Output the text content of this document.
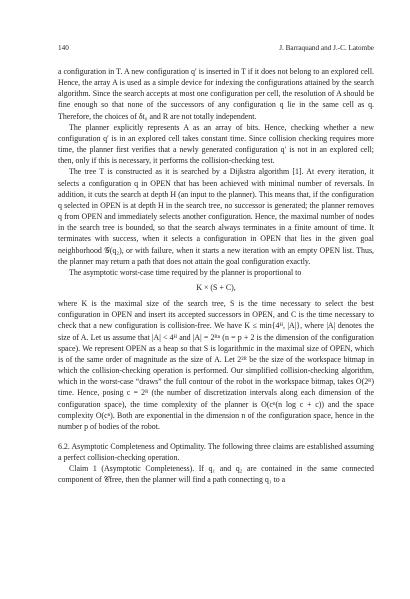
140	J. Barraquand and J.-C. Latombe

a configuration in T. A new configuration q′ is inserted in T if it does not belong to an explored cell. Hence, the array A is used as a simple device for indexing the configurations attained by the search algorithm. Since the search accepts at most one configuration per cell, the resolution of A should be fine enough so that none of the successors of any configuration q lie in the same cell as q. Therefore, the choices of δt₀ and R are not totally independent.

The planner explicitly represents A as an array of bits. Hence, checking whether a new configuration q′ is in an explored cell takes constant time. Since collision checking requires more time, the planner first verifies that a newly generated configuration q′ is not in an explored cell; then, only if this is necessary, it performs the collision-checking test.

The tree T is constructed as it is searched by a Dijkstra algorithm [1]. At every iteration, it selects a configuration q in OPEN that has been achieved with minimal number of reversals. In addition, it cuts the search at depth H (an input to the planner). This means that, if the configuration q selected in OPEN is at depth H in the search tree, no successor is generated; the planner removes q from OPEN and immediately selects another configuration. Hence, the maximal number of nodes in the search tree is bounded, so that the search always terminates in a finite amount of time. It terminates with success, when it selects a configuration in OPEN that lies in the given goal neighborhood 𝒢(q₂), or with failure, when it starts a new iteration with an empty OPEN list. Thus, the planner may return a path that does not attain the goal configuration exactly.

The asymptotic worst-case time required by the planner is proportional to

K × (S + C),

where K is the maximal size of the search tree, S is the time necessary to select the best configuration in OPEN and insert its accepted successors in OPEN, and C is the time necessary to check that a new configuration is collision-free. We have K ≤ min{4ᴴ, |A|}, where |A| denotes the size of A. Let us assume that |A| < 4ᴴ and |A| = 2ᴿⁿ (n = p + 2 is the dimension of the configuration space). We represent OPEN as a heap so that S is logarithmic in the maximal size of OPEN, which is of the same order of magnitude as the size of A. Let 2²ᴿ be the size of the workspace bitmap in which the collision-checking operation is performed. Our simplified collision-checking algorithm, which in the worst-case “draws” the full contour of the robot in the workspace bitmap, takes O(2ᴿ) time. Hence, posing c = 2ᴿ (the number of discretization intervals along each dimension of the configuration space), the time complexity of the planner is O(cⁿ(n log c + c)) and the space complexity O(cⁿ). Both are exponential in the dimension n of the configuration space, hence in the number p of bodies of the robot.

6.2. Asymptotic Completeness and Optimality. The following three claims are established assuming a perfect collision-checking operation.

Claim 1 (Asymptotic Completeness). If q₁ and q₂ are contained in the same connected component of 𝒞free, then the planner will find a path connecting q₁ to a
